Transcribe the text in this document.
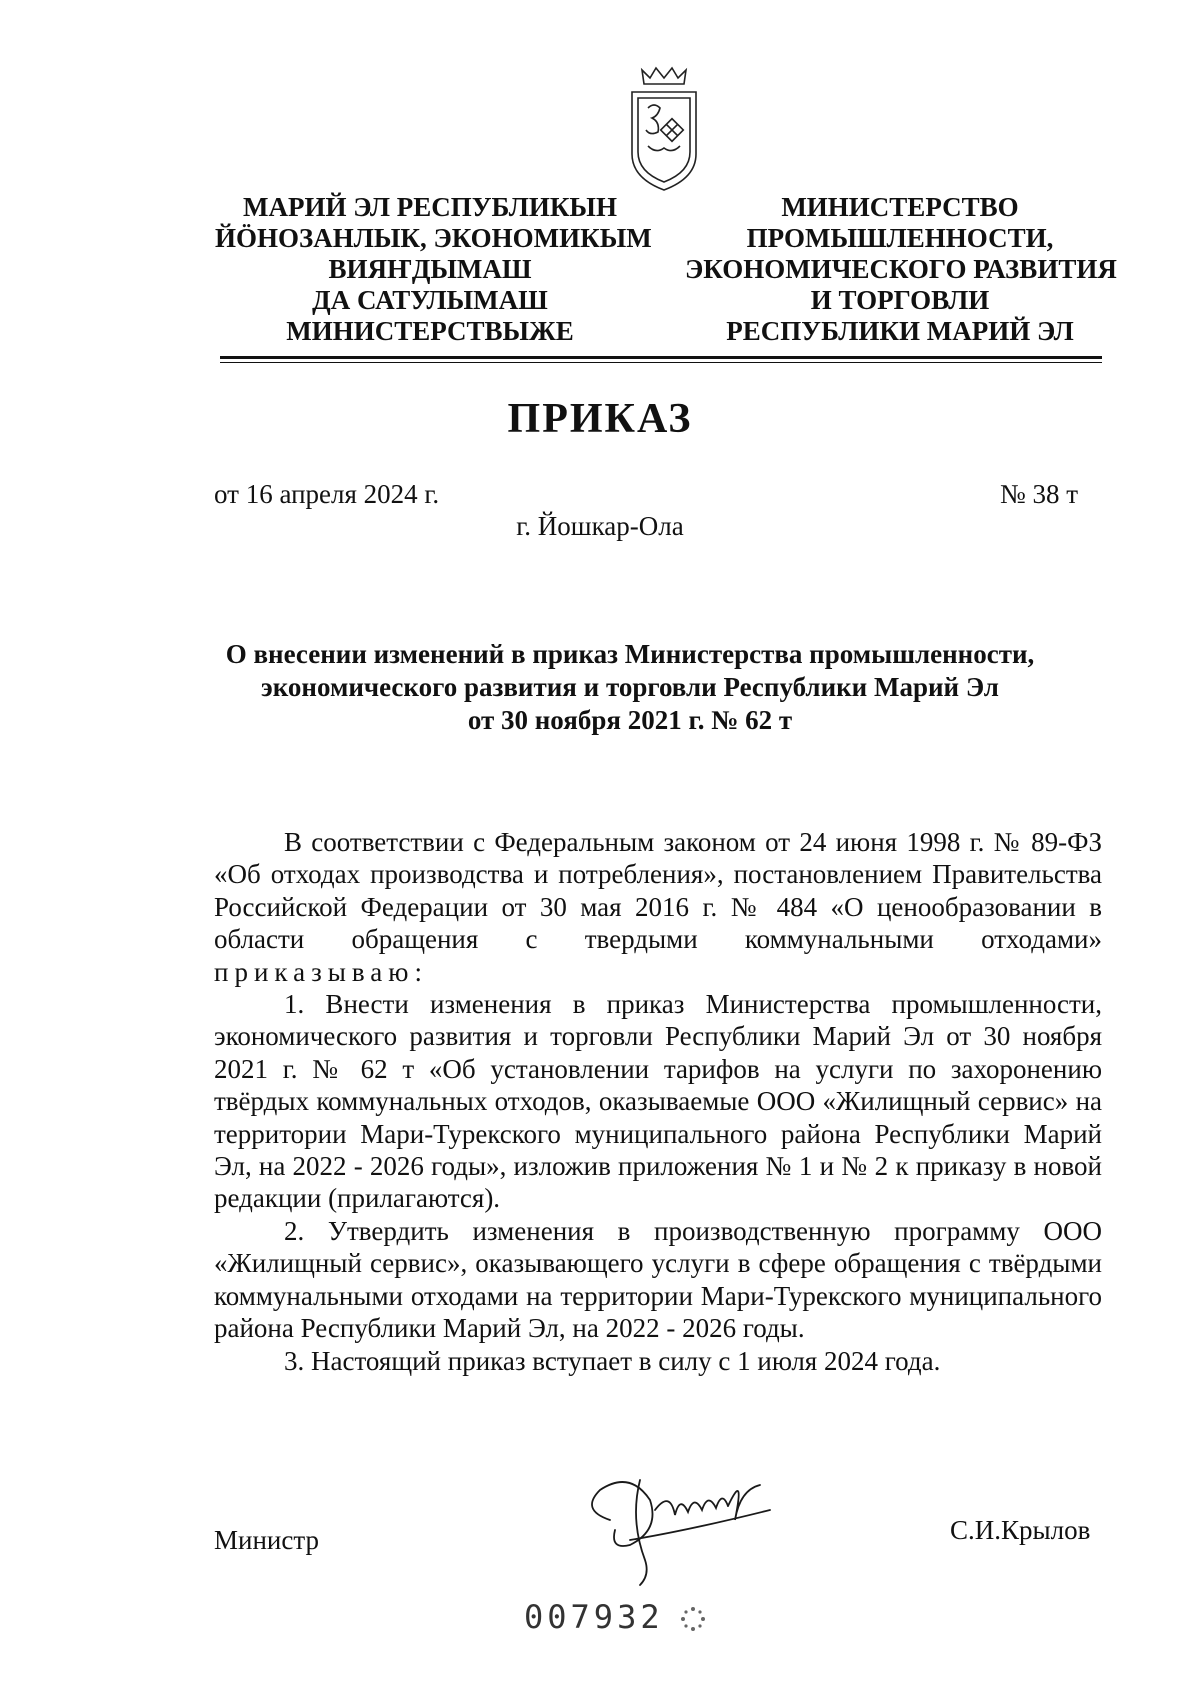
МАРИЙ ЭЛ РЕСПУБЛИКЫН
ЙӦНОЗАНЛЫК, ЭКОНОМИКЫМ
ВИЯҤДЫМАШ
ДА САТУЛЫМАШ
МИНИСТЕРСТВЫЖЕ
МИНИСТЕРСТВО
ПРОМЫШЛЕННОСТИ,
ЭКОНОМИЧЕСКОГО РАЗВИТИЯ
И ТОРГОВЛИ
РЕСПУБЛИКИ МАРИЙ ЭЛ
ПРИКАЗ
от 16 апреля 2024 г.	№ 38 т
г. Йошкар-Ола
О внесении изменений в приказ Министерства промышленности,
экономического развития и торговли Республики Марий Эл
от 30 ноября 2021 г. № 62 т

В соответствии с Федеральным законом от 24 июня 1998 г. № 89-ФЗ «Об отходах производства и потребления», постановлением Правительства Российской Федерации от 30 мая 2016 г. № 484 «О ценообразовании в области обращения с твердыми коммунальными отходами» приказываю:

1. Внести изменения в приказ Министерства промышленности, экономического развития и торговли Республики Марий Эл от 30 ноября 2021 г. № 62 т «Об установлении тарифов на услуги по захоронению твёрдых коммунальных отходов, оказываемые ООО «Жилищный сервис» на территории Мари-Турекского муниципального района Республики Марий Эл, на 2022 - 2026 годы», изложив приложения № 1 и № 2 к приказу в новой редакции (прилагаются).

2. Утвердить изменения в производственную программу ООО «Жилищный сервис», оказывающего услуги в сфере обращения с твёрдыми коммунальными отходами на территории Мари-Турекского муниципального района Республики Марий Эл, на 2022 - 2026 годы.

3. Настоящий приказ вступает в силу с 1 июля 2024 года.

Министр	С.И.Крылов
007932
